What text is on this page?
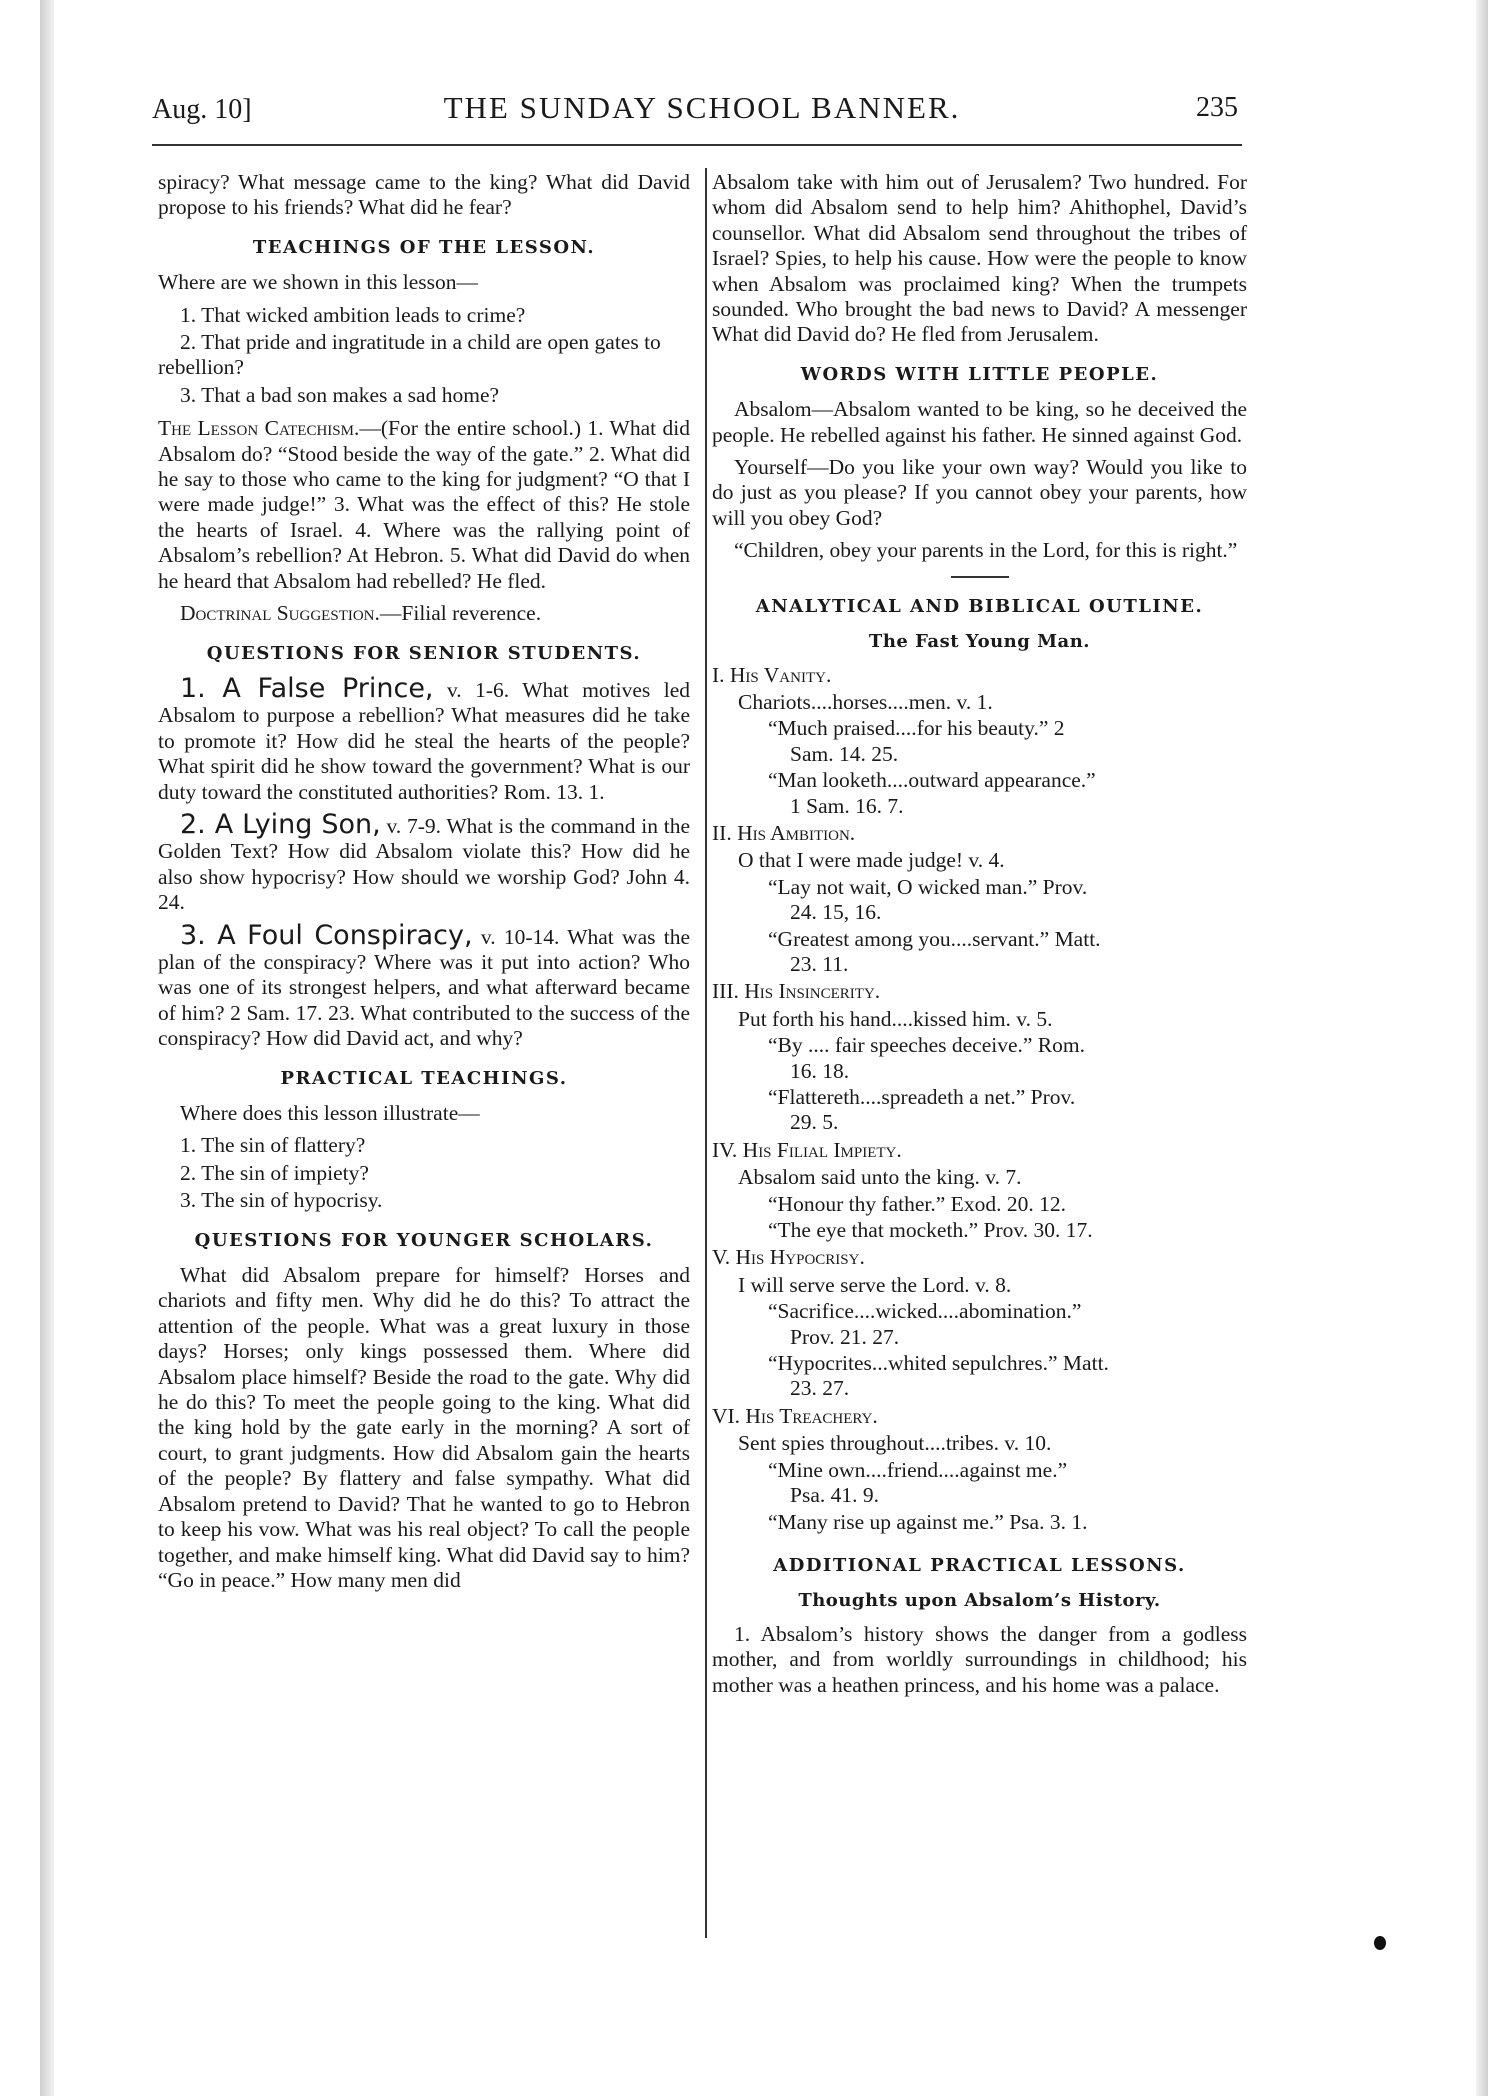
Aug. 10]	THE SUNDAY SCHOOL BANNER.	235

spiracy? What message came to the king? What did David propose to his friends? What did he fear?

TEACHINGS OF THE LESSON.

Where are we shown in this lesson—

1. That wicked ambition leads to crime?

2. That pride and ingratitude in a child are open gates to rebellion?

3. That a bad son makes a sad home?

The Lesson Catechism.—(For the entire school.) 1. What did Absalom do? “Stood beside the way of the gate.” 2. What did he say to those who came to the king for judgment? “O that I were made judge!” 3. What was the effect of this? He stole the hearts of Israel. 4. Where was the rallying point of Absalom’s rebellion? At Hebron. 5. What did David do when he heard that Absalom had rebelled? He fled.

Doctrinal Suggestion.—Filial reverence.

QUESTIONS FOR SENIOR STUDENTS.

1. A False Prince, v. 1-6. What motives led Absalom to purpose a rebellion? What measures did he take to promote it? How did he steal the hearts of the people? What spirit did he show toward the government? What is our duty toward the constituted authorities? Rom. 13. 1.

2. A Lying Son, v. 7-9. What is the command in the Golden Text? How did Absalom violate this? How did he also show hypocrisy? How should we worship God? John 4. 24.

3. A Foul Conspiracy, v. 10-14. What was the plan of the conspiracy? Where was it put into action? Who was one of its strongest helpers, and what afterward became of him? 2 Sam. 17. 23. What contributed to the success of the conspiracy? How did David act, and why?

PRACTICAL TEACHINGS.

Where does this lesson illustrate—

1. The sin of flattery?

2. The sin of impiety?

3. The sin of hypocrisy.

QUESTIONS FOR YOUNGER SCHOLARS.

What did Absalom prepare for himself? Horses and chariots and fifty men. Why did he do this? To attract the attention of the people. What was a great luxury in those days? Horses; only kings possessed them. Where did Absalom place himself? Beside the road to the gate. Why did he do this? To meet the people going to the king. What did the king hold by the gate early in the morning? A sort of court, to grant judgments. How did Absalom gain the hearts of the people? By flattery and false sympathy. What did Absalom pretend to David? That he wanted to go to Hebron to keep his vow. What was his real object? To call the people together, and make himself king. What did David say to him? “Go in peace.” How many men did

Absalom take with him out of Jerusalem? Two hundred. For whom did Absalom send to help him? Ahithophel, David’s counsellor. What did Absalom send throughout the tribes of Israel? Spies, to help his cause. How were the people to know when Absalom was proclaimed king? When the trumpets sounded. Who brought the bad news to David? A messenger What did David do? He fled from Jerusalem.

WORDS WITH LITTLE PEOPLE.

Absalom—Absalom wanted to be king, so he deceived the people. He rebelled against his father. He sinned against God.

Yourself—Do you like your own way? Would you like to do just as you please? If you cannot obey your parents, how will you obey God?

“Children, obey your parents in the Lord, for this is right.”

ANALYTICAL AND BIBLICAL OUTLINE.
The Fast Young Man.
I. His Vanity.
Chariots....horses....men. v. 1.
“Much praised....for his beauty.” 2
Sam. 14. 25.
“Man looketh....outward appearance.”
1 Sam. 16. 7.
II. His Ambition.
O that I were made judge! v. 4.
“Lay not wait, O wicked man.” Prov.
24. 15, 16.
“Greatest among you....servant.” Matt.
23. 11.
III. His Insincerity.
Put forth his hand....kissed him. v. 5.
“By .... fair speeches deceive.” Rom.
16. 18.
“Flattereth....spreadeth a net.” Prov.
29. 5.
IV. His Filial Impiety.
Absalom said unto the king. v. 7.
“Honour thy father.” Exod. 20. 12.
“The eye that mocketh.” Prov. 30. 17.
V. His Hypocrisy.
I will serve serve the Lord. v. 8.
“Sacrifice....wicked....abomination.”
Prov. 21. 27.
“Hypocrites...whited sepulchres.” Matt.
23. 27.
VI. His Treachery.
Sent spies throughout....tribes. v. 10.
“Mine own....friend....against me.”
Psa. 41. 9.
“Many rise up against me.” Psa. 3. 1.
ADDITIONAL PRACTICAL LESSONS.
Thoughts upon Absalom’s History.

1. Absalom’s history shows the danger from a godless mother, and from worldly surroundings in childhood; his mother was a heathen princess, and his home was a palace.
